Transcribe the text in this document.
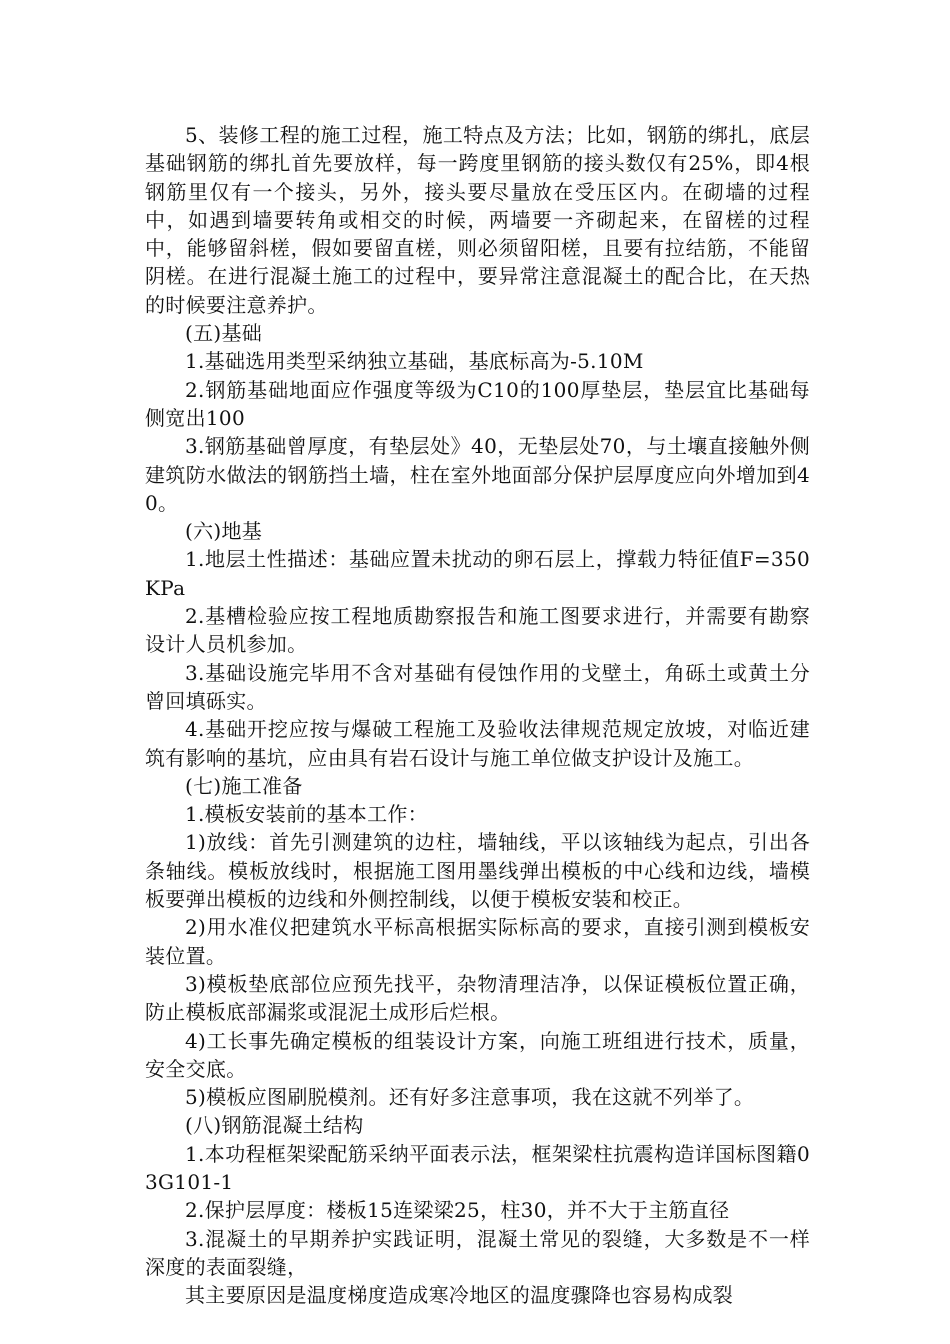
5、装修工程的施工过程，施工特点及方法；比如，钢筋的绑扎，底层基础钢筋的绑扎首先要放样，每一跨度里钢筋的接头数仅有25%，即4根钢筋里仅有一个接头，另外，接头要尽量放在受压区内。在砌墙的过程中，如遇到墙要转角或相交的时候，两墙要一齐砌起来，在留槎的过程中，能够留斜槎，假如要留直槎，则必须留阳槎，且要有拉结筋，不能留阴槎。在进行混凝土施工的过程中，要异常注意混凝土的配合比，在天热的时候要注意养护。

(五)基础

1.基础选用类型采纳独立基础，基底标高为-5.10M

2.钢筋基础地面应作强度等级为C10的100厚垫层，垫层宜比基础每侧宽出100

3.钢筋基础曾厚度，有垫层处》40，无垫层处70，与土壤直接触外侧建筑防水做法的钢筋挡土墙，柱在室外地面部分保护层厚度应向外增加到40。

(六)地基

1.地层土性描述：基础应置未扰动的卵石层上，撑载力特征值F=350KPa

2.基槽检验应按工程地质勘察报告和施工图要求进行，并需要有勘察设计人员机参加。

3.基础设施完毕用不含对基础有侵蚀作用的戈壁土，角砾土或黄土分曾回填砾实。

4.基础开挖应按与爆破工程施工及验收法律规范规定放坡，对临近建筑有影响的基坑，应由具有岩石设计与施工单位做支护设计及施工。

(七)施工准备

1.模板安装前的基本工作：

1)放线：首先引测建筑的边柱，墙轴线，平以该轴线为起点，引出各条轴线。模板放线时，根据施工图用墨线弹出模板的中心线和边线，墙模板要弹出模板的边线和外侧控制线，以便于模板安装和校正。

2)用水准仪把建筑水平标高根据实际标高的要求，直接引测到模板安装位置。

3)模板垫底部位应预先找平，杂物清理洁净，以保证模板位置正确，防止模板底部漏浆或混泥土成形后烂根。

4)工长事先确定模板的组装设计方案，向施工班组进行技术，质量，安全交底。

5)模板应图刷脱模剂。还有好多注意事项，我在这就不列举了。

(八)钢筋混凝土结构

1.本功程框架梁配筋采纳平面表示法，框架梁柱抗震构造详国标图籍03G101-1

2.保护层厚度：楼板15连梁梁25，柱30，并不大于主筋直径

3.混凝土的早期养护实践证明，混凝土常见的裂缝，大多数是不一样深度的表面裂缝，

其主要原因是温度梯度造成寒冷地区的温度骤降也容易构成裂
